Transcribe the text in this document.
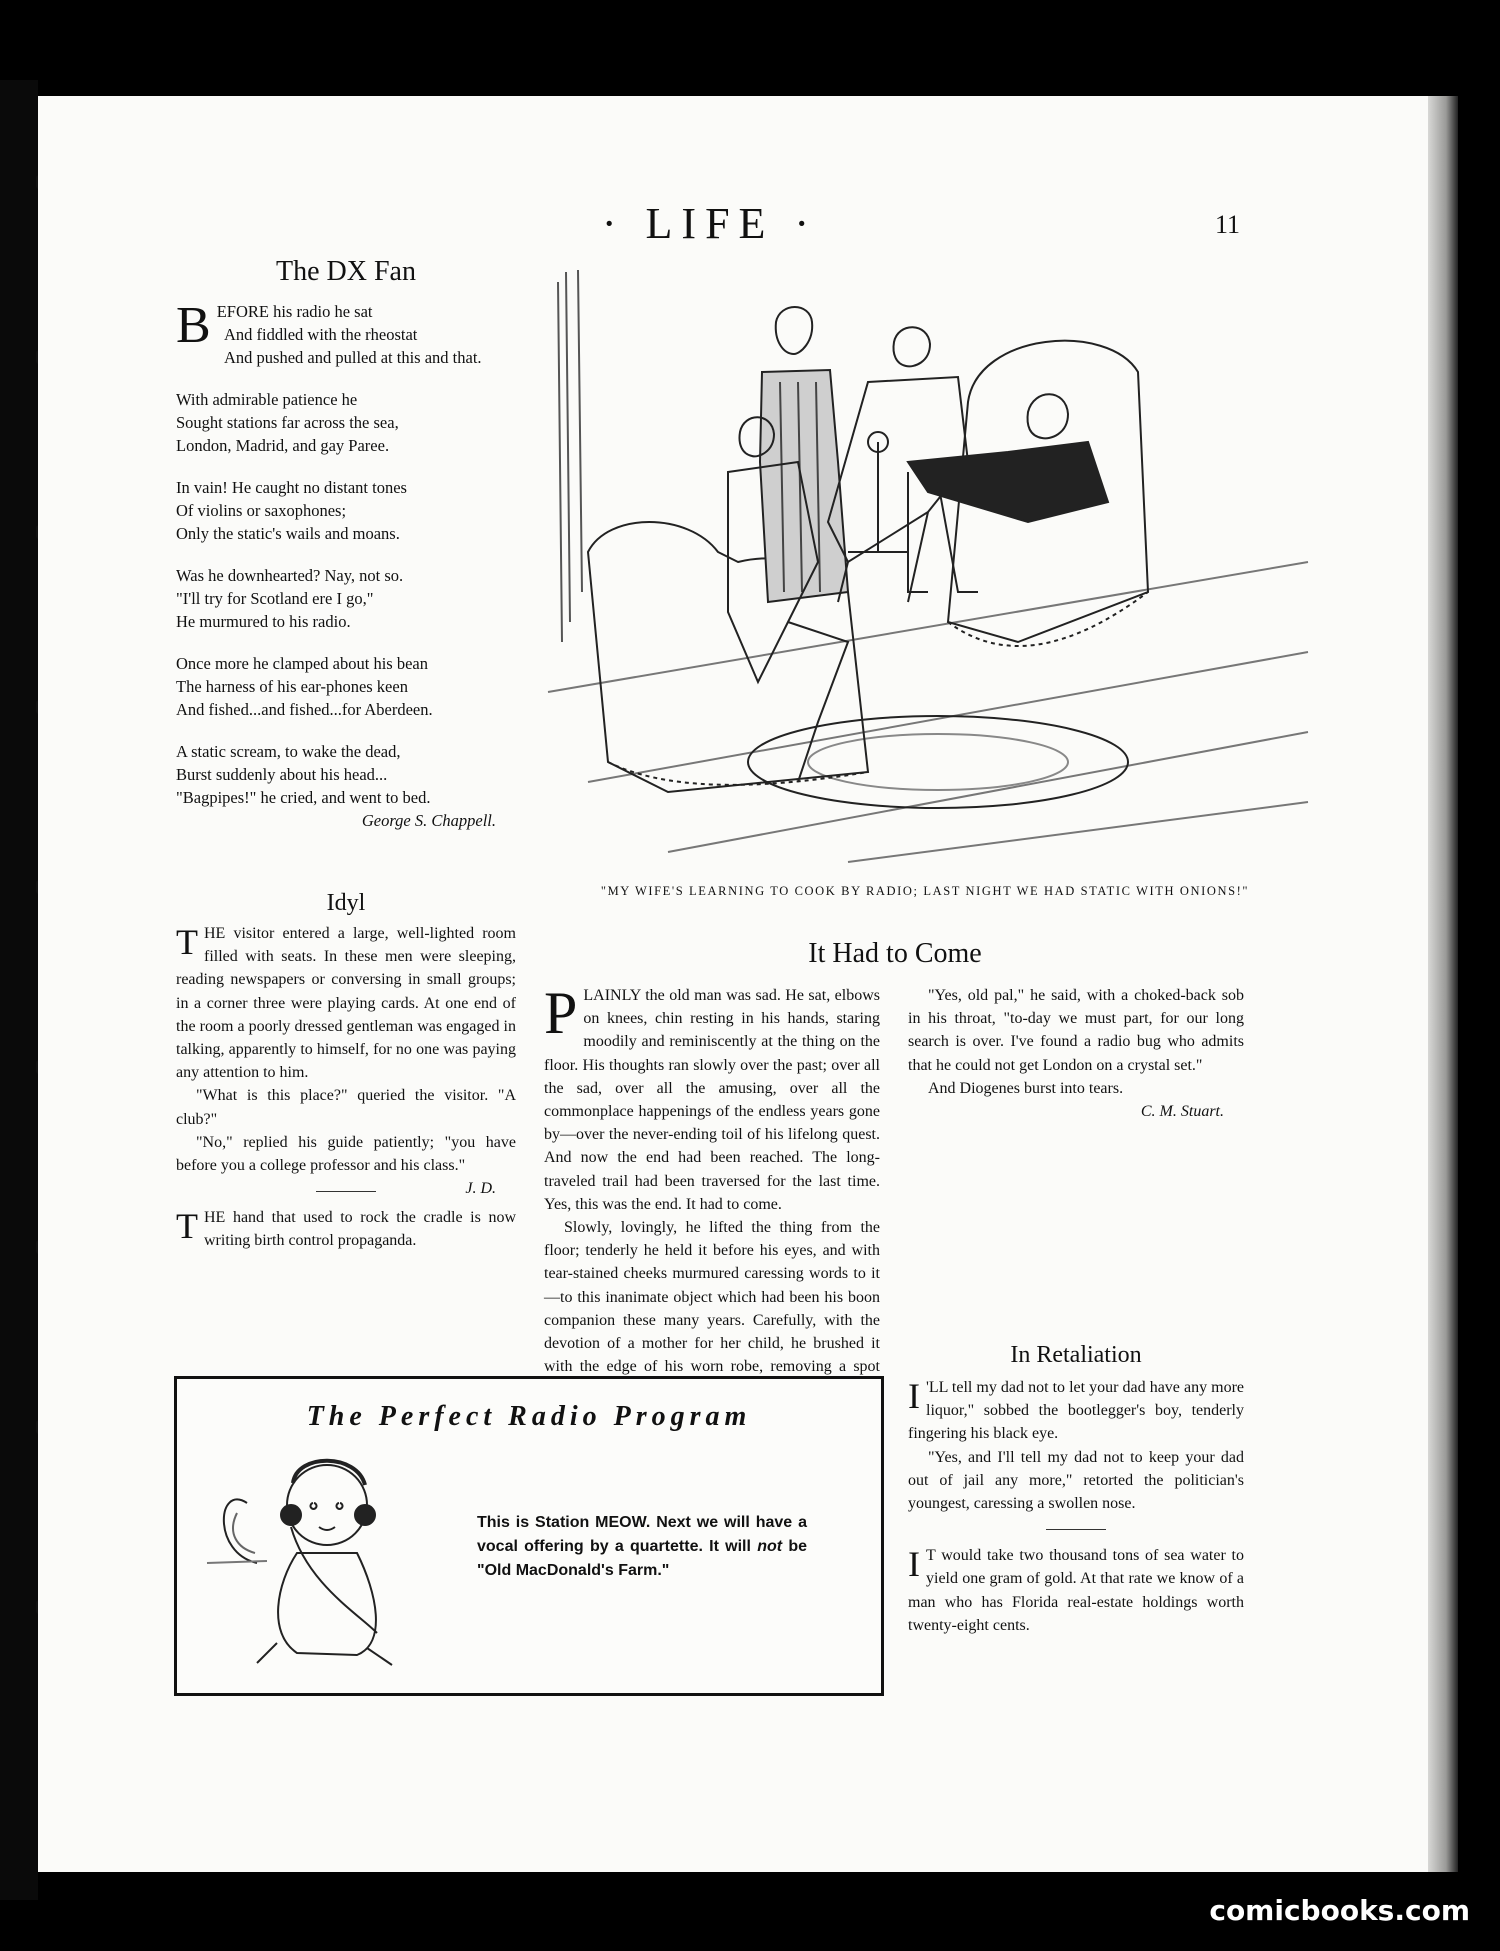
· LIFE ·	11
The DX Fan

BEFORE his radio he sat

And fiddled with the rheostat
And pushed and pulled at this and that.

With admirable patience he
Sought stations far across the sea,
London, Madrid, and gay Paree.

In vain! He caught no distant tones
Of violins or saxophones;
Only the static's wails and moans.

Was he downhearted? Nay, not so.
"I'll try for Scotland ere I go,"
He murmured to his radio.

Once more he clamped about his bean
The harness of his ear-phones keen
And fished...and fished...for Aberdeen.

A static scream, to wake the dead,
Burst suddenly about his head...
"Bagpipes!" he cried, and went to bed.

George S. Chappell.
"MY WIFE'S LEARNING TO COOK BY RADIO; LAST NIGHT WE HAD STATIC WITH ONIONS!"
Idyl

THE visitor entered a large, well-lighted room filled with seats. In these men were sleeping, reading newspapers or conversing in small groups; in a corner three were playing cards. At one end of the room a poorly dressed gentleman was engaged in talking, apparently to himself, for no one was paying any attention to him.

"What is this place?" queried the visitor. "A club?"

"No," replied his guide patiently; "you have before you a college professor and his class."
J. D.

THE hand that used to rock the cradle is now writing birth control propaganda.

It Had to Come

PLAINLY the old man was sad. He sat, elbows on knees, chin resting in his hands, staring moodily and reminiscently at the thing on the floor. His thoughts ran slowly over the past; over all the sad, over all the amusing, over all the commonplace happenings of the endless years gone by—over the never-ending toil of his lifelong quest. And now the end had been reached. The long-traveled trail had been traversed for the last time. Yes, this was the end. It had to come.

Slowly, lovingly, he lifted the thing from the floor; tenderly he held it before his eyes, and with tear-stained cheeks murmured caressing words to it—to this inanimate object which had been his boon companion these many years. Carefully, with the devotion of a mother for her child, he brushed it with the edge of his worn robe, removing a spot

"Yes, old pal," he said, with a choked-back sob in his throat, "to-day we must part, for our long search is over. I've found a radio bug who admits that he could not get London on a crystal set."

And Diogenes burst into tears.

C. M. Stuart.
In Retaliation

I 'LL tell my dad not to let your dad have any more liquor," sobbed the bootlegger's boy, tenderly fingering his black eye.

"Yes, and I'll tell my dad not to keep your dad out of jail any more," retorted the politician's youngest, caressing a swollen nose.

I T would take two thousand tons of sea water to yield one gram of gold. At that rate we know of a man who has Florida real-estate holdings worth twenty-eight cents.

The Perfect Radio Program
This is Station MEOW. Next we will have a vocal offering by a quartette. It will not be "Old MacDonald's Farm."
comicbooks.com
